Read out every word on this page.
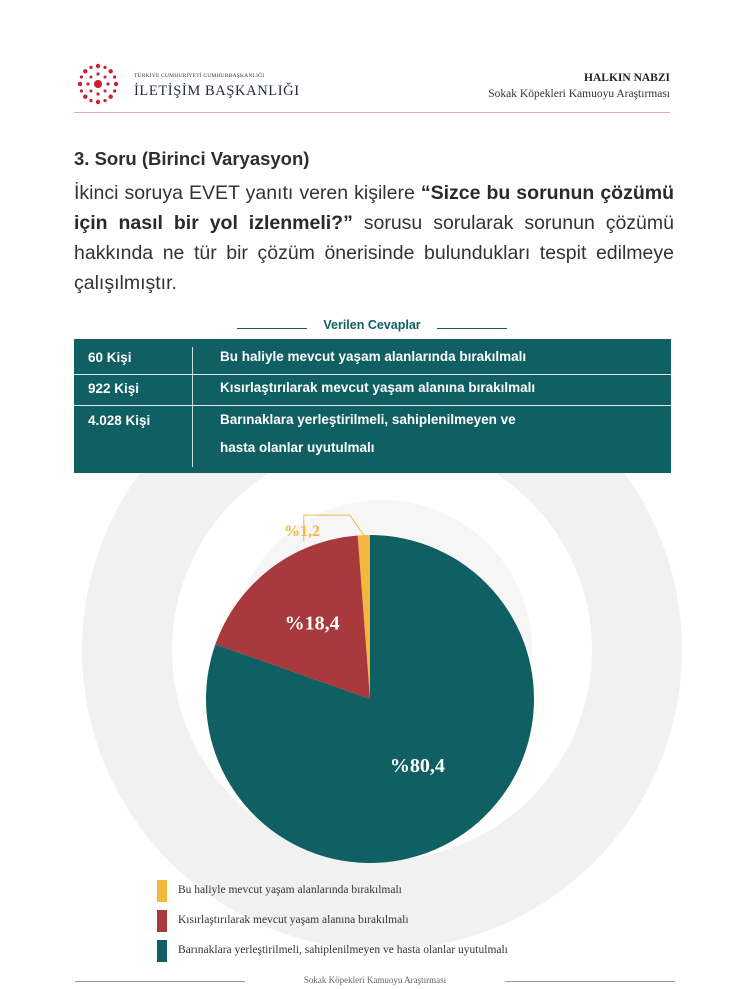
TÜRKİYE CUMHURİYETİ CUMHURBAŞKANLIĞI
İLETİŞİM BAŞKANLIĞI
HALKIN NABZI
Sokak Köpekleri Kamuoyu Araştırması
3. Soru (Birinci Varyasyon)
İkinci soruya EVET yanıtı veren kişilere “Sizce bu sorunun çözümü için nasıl bir yol izlenmeli?” sorusu sorularak sorunun çözümü hakkında ne tür bir çözüm önerisinde bulundukları tespit edilmeye çalışılmıştır.
Verilen Cevaplar
60 Kişi	Bu haliyle mevcut yaşam alanlarında bırakılmalı
922 Kişi	Kısırlaştırılarak mevcut yaşam alanına bırakılmalı
4.028 Kişi	Barınaklara yerleştirilmeli, sahiplenilmeyen ve
hasta olanlar uyutulmalı
%1,2
%18,4
%80,4
Bu haliyle mevcut yaşam alanlarında bırakılmalı
Kısırlaştırılarak mevcut yaşam alanına bırakılmalı
Barınaklara yerleştirilmeli, sahiplenilmeyen ve hasta olanlar uyutulmalı
Sokak Köpekleri Kamuoyu Araştırması
